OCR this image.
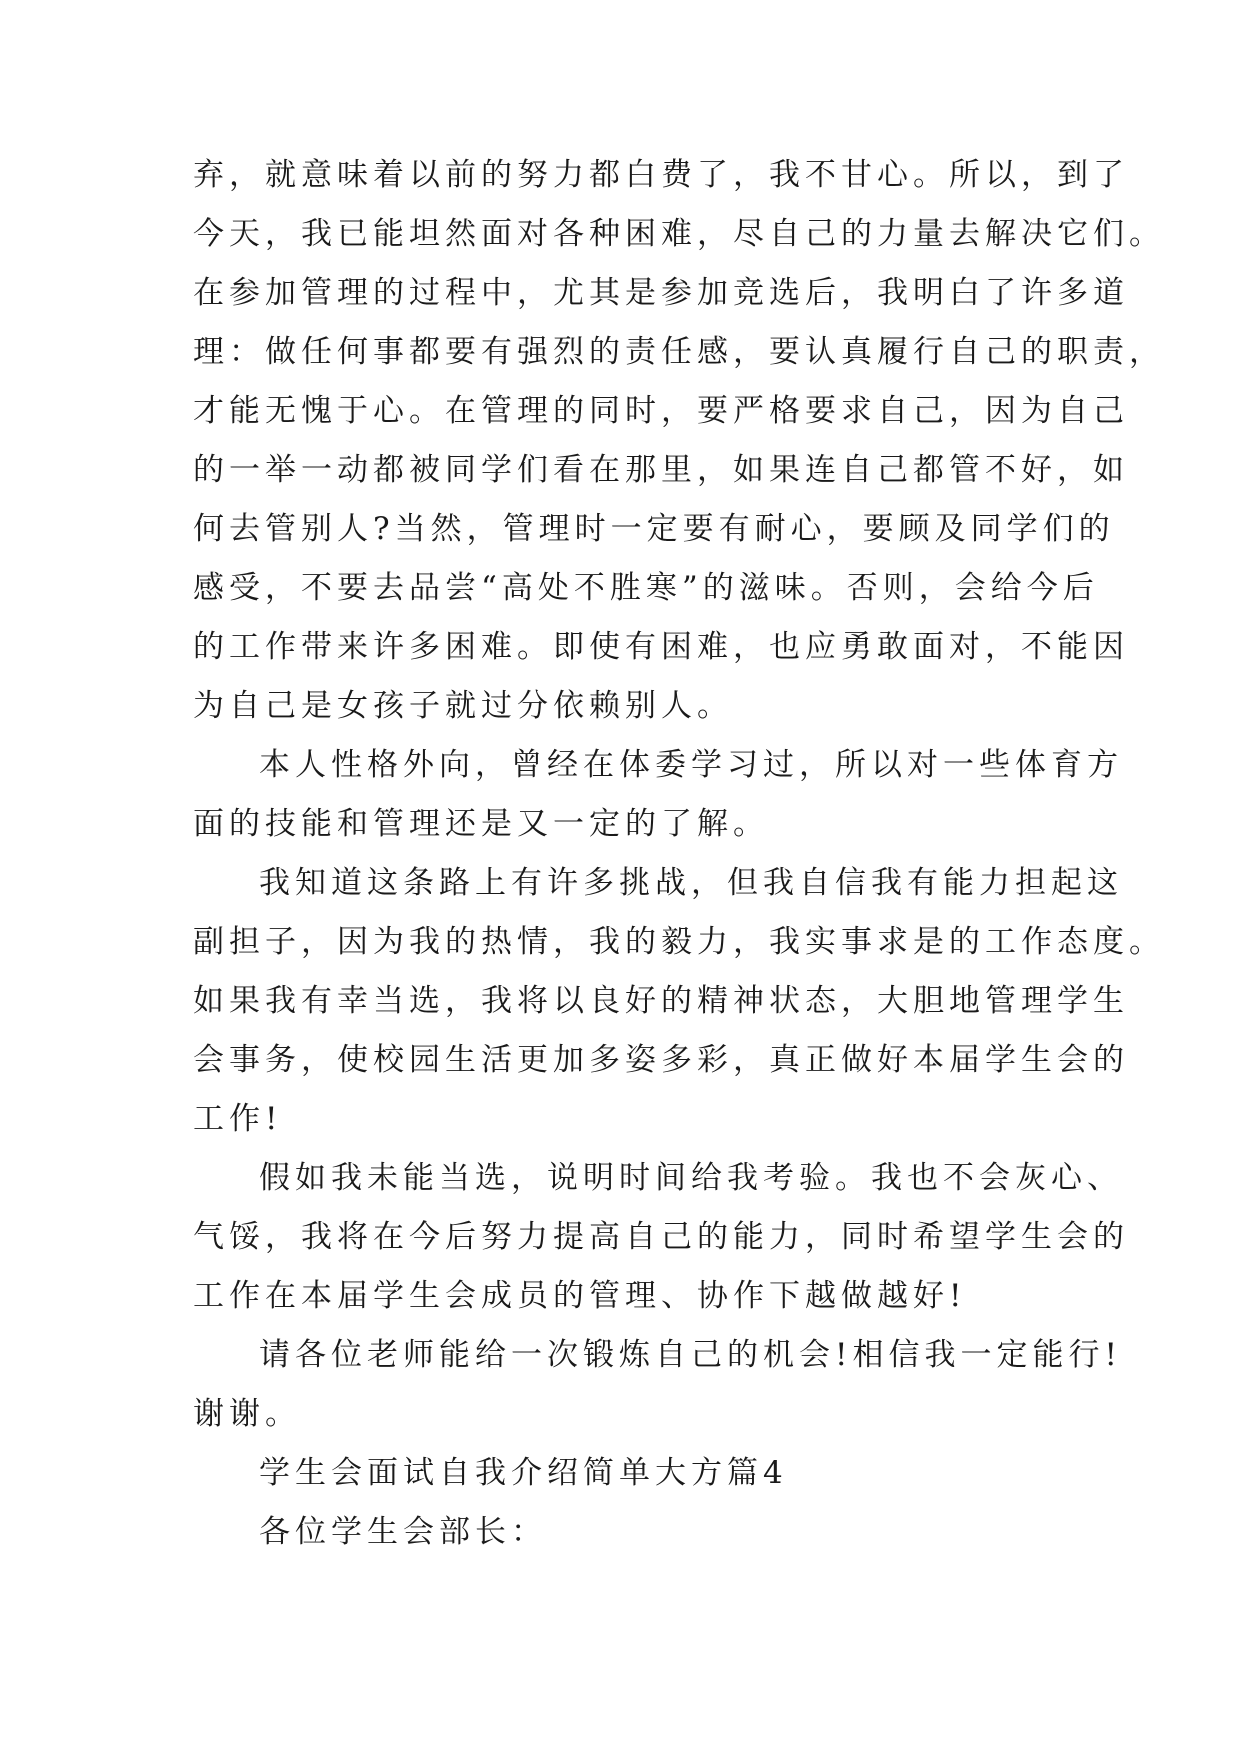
弃，就意味着以前的努力都白费了，我不甘心。所以，到了
今天，我已能坦然面对各种困难，尽自己的力量去解决它们。
在参加管理的过程中，尤其是参加竞选后，我明白了许多道
理：做任何事都要有强烈的责任感，要认真履行自己的职责，
才能无愧于心。在管理的同时，要严格要求自己，因为自己
的一举一动都被同学们看在那里，如果连自己都管不好，如
何去管别人?当然，管理时一定要有耐心，要顾及同学们的
感受，不要去品尝“高处不胜寒”的滋味。否则，会给今后
的工作带来许多困难。即使有困难，也应勇敢面对，不能因
为自己是女孩子就过分依赖别人。
本人性格外向，曾经在体委学习过，所以对一些体育方
面的技能和管理还是又一定的了解。
我知道这条路上有许多挑战，但我自信我有能力担起这
副担子，因为我的热情，我的毅力，我实事求是的工作态度。
如果我有幸当选，我将以良好的精神状态，大胆地管理学生
会事务，使校园生活更加多姿多彩，真正做好本届学生会的
工作!
假如我未能当选，说明时间给我考验。我也不会灰心、
气馁，我将在今后努力提高自己的能力，同时希望学生会的
工作在本届学生会成员的管理、协作下越做越好!
请各位老师能给一次锻炼自己的机会!相信我一定能行!
谢谢。
学生会面试自我介绍简单大方篇4
各位学生会部长：
